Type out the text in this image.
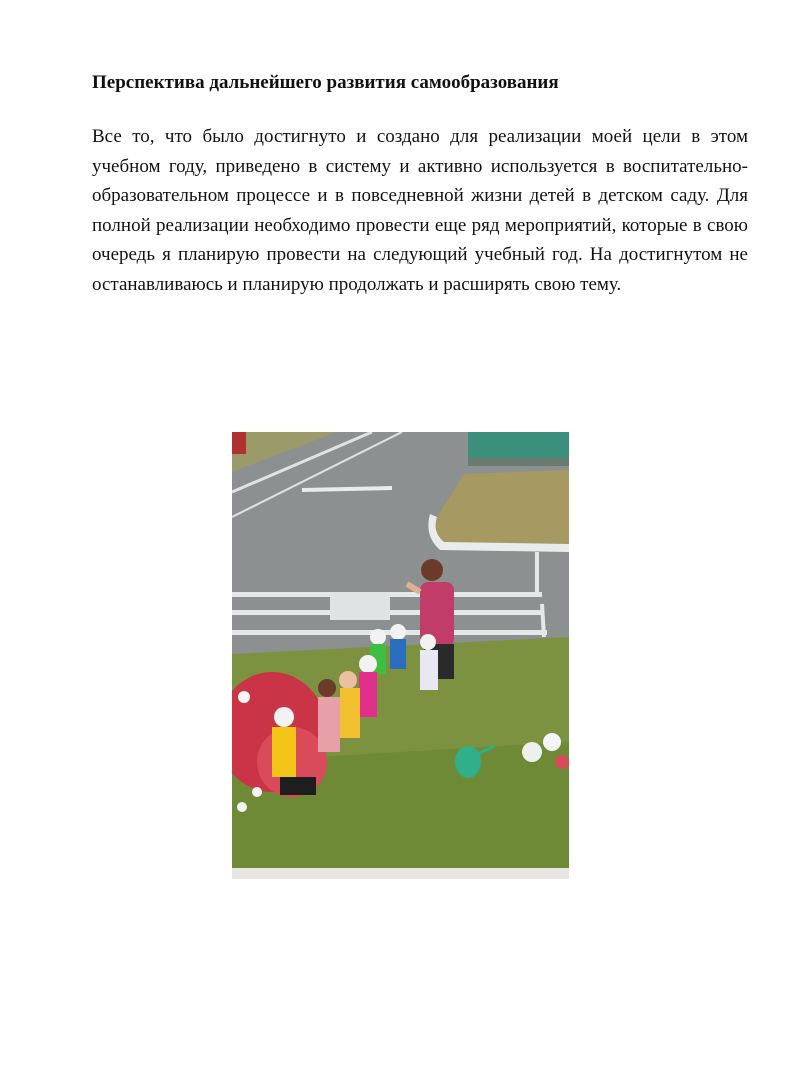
Перспектива дальнейшего развития самообразования
Все то, что было достигнуто и создано для реализации моей цели в этом учебном году, приведено в систему и активно используется в воспитательно-образовательном процессе и в повседневной жизни детей в детском саду. Для полной реализации необходимо провести еще ряд мероприятий, которые в свою очередь я планирую провести на следующий учебный год. На достигнутом не останавливаюсь и планирую продолжать и расширять свою тему.
